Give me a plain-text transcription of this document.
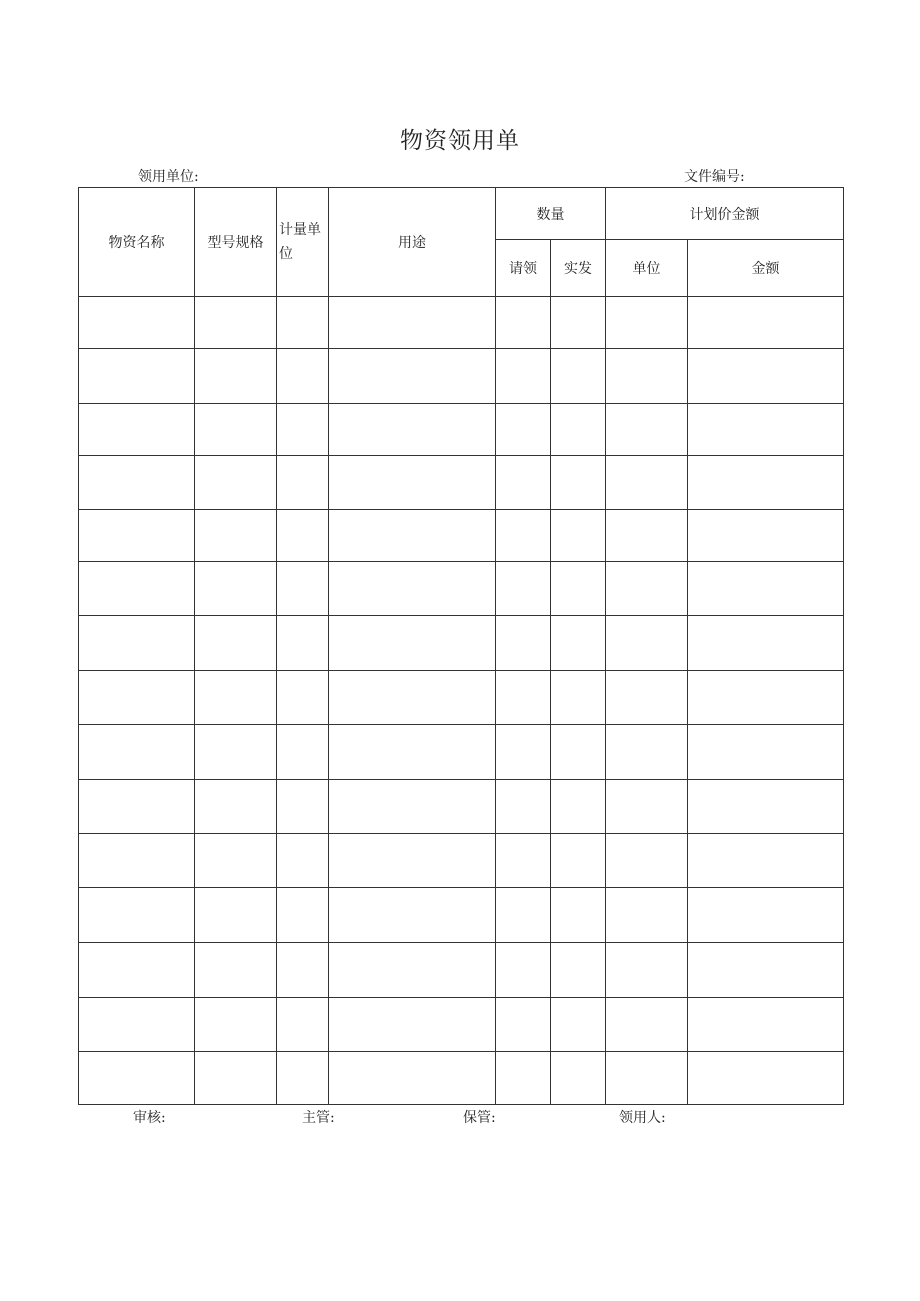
物资领用单
领用单位:	文件编号:
物资名称	型号规格	计量单位	用途	数量		计划价金额	
				请领	实发	单位	金额

审核:	主管:	保管:	领用人:
